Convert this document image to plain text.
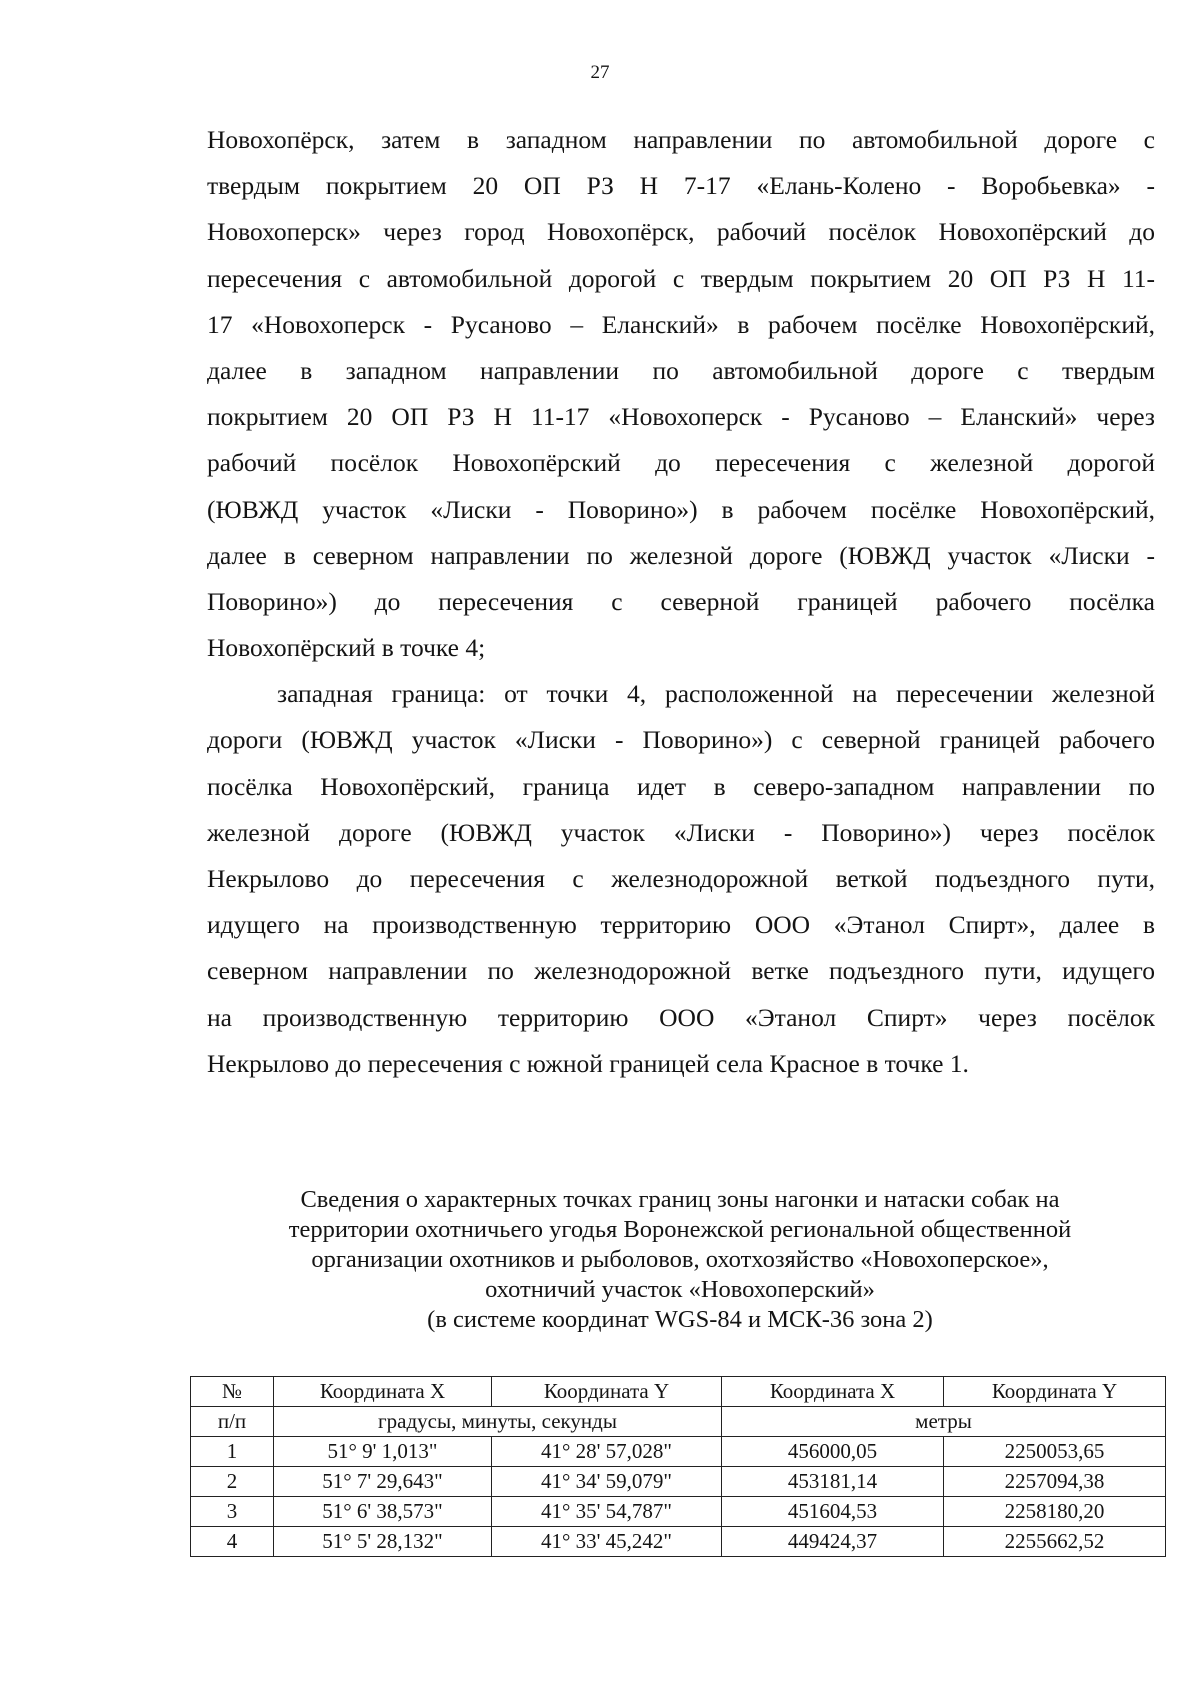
27
Новохопёрск, затем в западном направлении по автомобильной дороге с
твердым покрытием 20 ОП РЗ Н 7-17 «Елань-Колено - Воробьевка» -
Новохоперск» через город Новохопёрск, рабочий посёлок Новохопёрский до
пересечения с автомобильной дорогой с твердым покрытием 20 ОП РЗ Н 11-
17 «Новохоперск - Русаново – Еланский» в рабочем посёлке Новохопёрский,
далее в западном направлении по автомобильной дороге с твердым
покрытием 20 ОП РЗ Н 11-17 «Новохоперск - Русаново – Еланский» через
рабочий посёлок Новохопёрский до пересечения с железной дорогой
(ЮВЖД участок «Лиски - Поворино») в рабочем посёлке Новохопёрский,
далее в северном направлении по железной дороге (ЮВЖД участок «Лиски -
Поворино») до пересечения с северной границей рабочего посёлка
Новохопёрский в точке 4;
западная граница: от точки 4, расположенной на пересечении железной
дороги (ЮВЖД участок «Лиски - Поворино») с северной границей рабочего
посёлка Новохопёрский, граница идет в северо-западном направлении по
железной дороге (ЮВЖД участок «Лиски - Поворино») через посёлок
Некрылово до пересечения с железнодорожной веткой подъездного пути,
идущего на производственную территорию ООО «Этанол Спирт», далее в
северном направлении по железнодорожной ветке подъездного пути, идущего
на производственную территорию ООО «Этанол Спирт» через посёлок
Некрылово до пересечения с южной границей села Красное в точке 1.
Сведения о характерных точках границ зоны нагонки и натаски собак на
территории охотничьего угодья Воронежской региональной общественной
организации охотников и рыболовов, охотхозяйство «Новохоперское»,
охотничий участок «Новохоперский»
(в системе координат WGS-84 и МСК-36 зона 2)
№	Координата X	Координата Y	Координата X	Координата Y
п/п	градусы, минуты, секунды		метры	
1	51° 9' 1,013"	41° 28' 57,028"	456000,05	2250053,65
2	51° 7' 29,643"	41° 34' 59,079"	453181,14	2257094,38
3	51° 6' 38,573"	41° 35' 54,787"	451604,53	2258180,20
4	51° 5' 28,132"	41° 33' 45,242"	449424,37	2255662,52
